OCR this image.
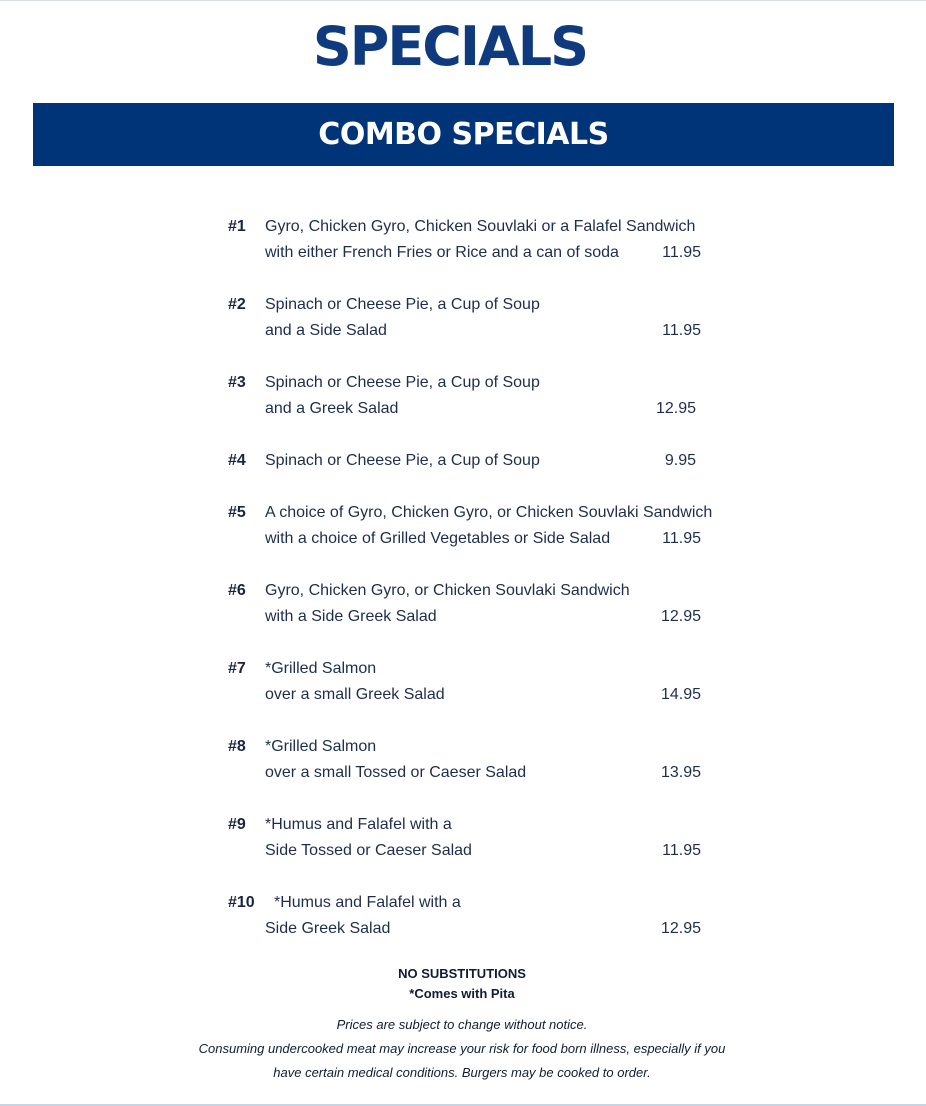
SPECIALS
COMBO SPECIALS
#1 Gyro, Chicken Gyro, Chicken Souvlaki or a Falafel Sandwich
with either French Fries or Rice and a can of soda	11.95
#2 Spinach or Cheese Pie, a Cup of Soup
and a Side Salad	11.95
#3 Spinach or Cheese Pie, a Cup of Soup
and a Greek Salad	12.95
#4 Spinach or Cheese Pie, a Cup of Soup	9.95
#5 A choice of Gyro, Chicken Gyro, or Chicken Souvlaki Sandwich
with a choice of Grilled Vegetables or Side Salad	11.95
#6 Gyro, Chicken Gyro, or Chicken Souvlaki Sandwich
with a Side Greek Salad	12.95
#7 *Grilled Salmon
over a small Greek Salad	14.95
#8 *Grilled Salmon
over a small Tossed or Caeser Salad	13.95
#9 *Humus and Falafel with a
Side Tossed or Caeser Salad	11.95
#10 *Humus and Falafel with a
Side Greek Salad	12.95
NO SUBSTITUTIONS
*Comes with Pita
Prices are subject to change without notice.
Consuming undercooked meat may increase your risk for food born illness, especially if you
have certain medical conditions. Burgers may be cooked to order.
